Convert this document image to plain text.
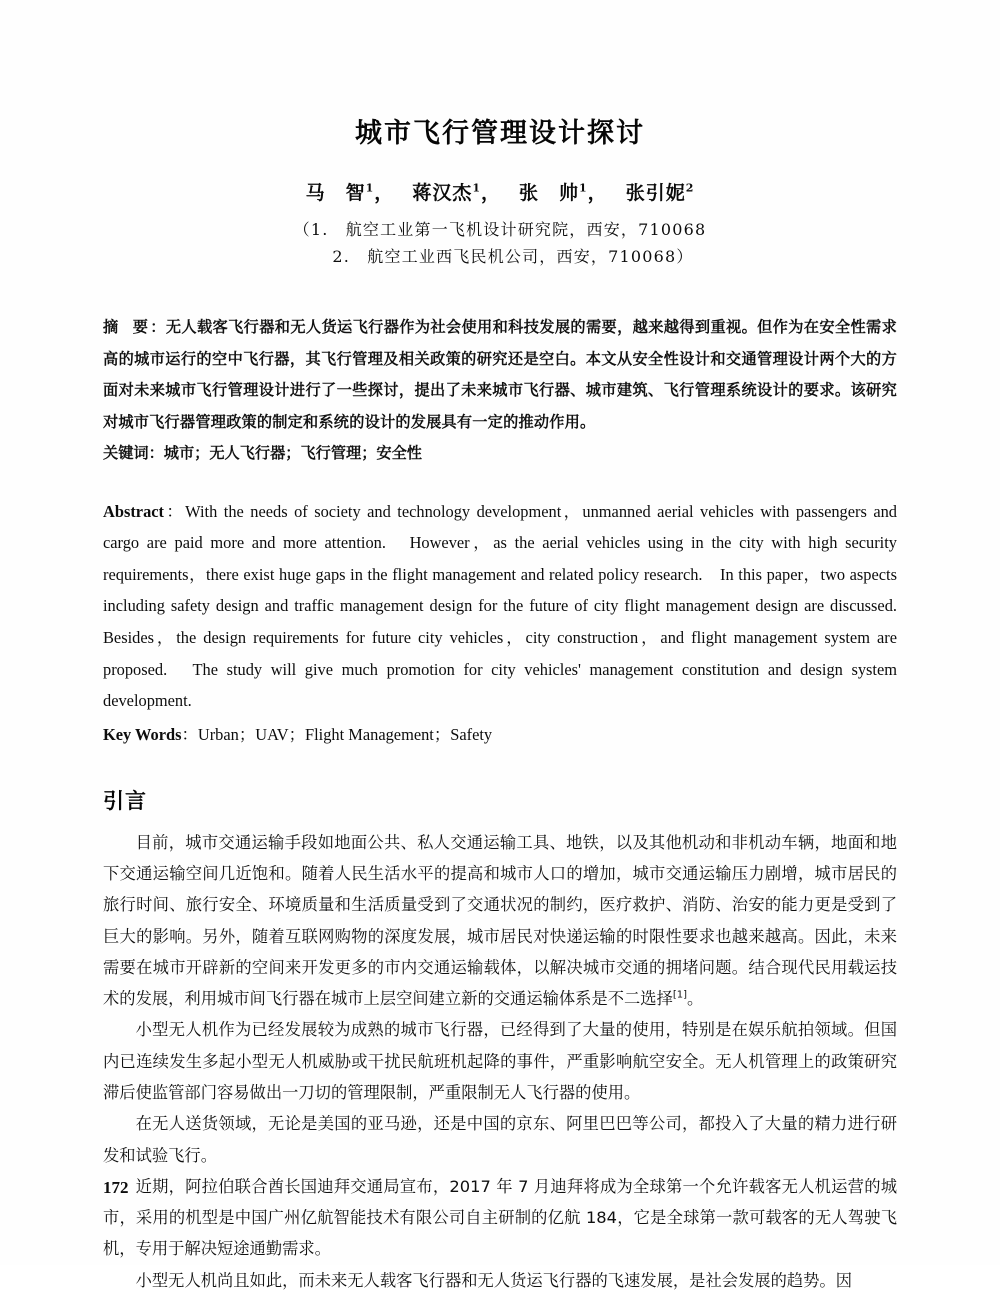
城市飞行管理设计探讨
马　智$^1$， 蒋汉杰$^1$， 张　帅$^1$， 张引妮$^2$
（1.　航空工业第一飞机设计研究院，西安，710068
2.　航空工业西飞民机公司，西安，710068）
摘 要 ：无人载客飞行器和无人货运飞行器作为社会使用和科技发展的需要，越来越得到重视。但作为在安全性需求高的城市运行的空中飞行器，其飞行管理及相关政策的研究还是空白。本文从安全性设计和交通管理设计两个大的方面对未来城市飞行管理设计进行了一些探讨，提出了未来城市飞行器、城市建筑、飞行管理系统设计的要求。该研究对城市飞行器管理政策的制定和系统的设计的发展具有一定的推动作用。
关键词：城市；无人飞行器；飞行管理；安全性
Abstract：With the needs of society and technology development，unmanned aerial vehicles with passengers and cargo are paid more and more attention.　However，as the aerial vehicles using in the city with high security requirements，there exist huge gaps in the flight management and related policy research.　In this paper，two aspects including safety design and traffic management design for the future of city flight management design are discussed.　Besides，the design requirements for future city vehicles，city construction，and flight management system are proposed.　The study will give much promotion for city vehicles' management constitution and design system development.
Key Words：Urban；UAV；Flight Management；Safety
引言

目前，城市交通运输手段如地面公共、私人交通运输工具、地铁，以及其他机动和非机动车辆，地面和地下交通运输空间几近饱和。随着人民生活水平的提高和城市人口的增加，城市交通运输压力剧增，城市居民的旅行时间、旅行安全、环境质量和生活质量受到了交通状况的制约，医疗救护、消防、治安的能力更是受到了巨大的影响。另外，随着互联网购物的深度发展，城市居民对快递运输的时限性要求也越来越高。因此，未来需要在城市开辟新的空间来开发更多的市内交通运输载体，以解决城市交通的拥堵问题。结合现代民用载运技术的发展，利用城市间飞行器在城市上层空间建立新的交通运输体系是不二选择[1]。

小型无人机作为已经发展较为成熟的城市飞行器，已经得到了大量的使用，特别是在娱乐航拍领域。但国内已连续发生多起小型无人机威胁或干扰民航班机起降的事件，严重影响航空安全。无人机管理上的政策研究滞后使监管部门容易做出一刀切的管理限制，严重限制无人飞行器的使用。

在无人送货领域，无论是美国的亚马逊，还是中国的京东、阿里巴巴等公司，都投入了大量的精力进行研发和试验飞行。

近期，阿拉伯联合酋长国迪拜交通局宣布，2017 年 7 月迪拜将成为全球第一个允许载客无人机运营的城市，采用的机型是中国广州亿航智能技术有限公司自主研制的亿航 184，它是全球第一款可载客的无人驾驶飞机，专用于解决短途通勤需求。

小型无人机尚且如此，而未来无人载客飞行器和无人货运飞行器的飞速发展，是社会发展的趋势。因

172
